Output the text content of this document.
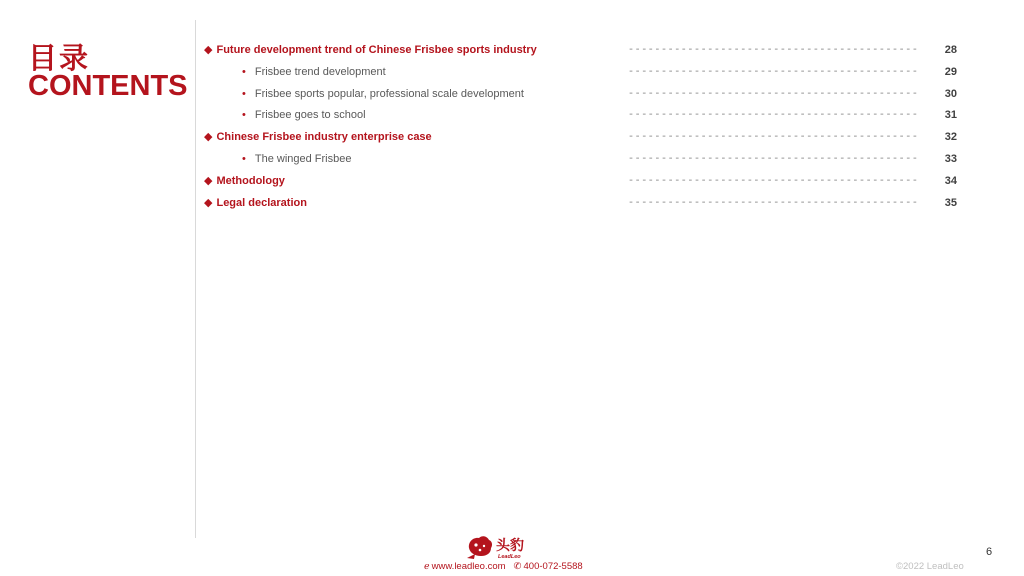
目录
CONTENTS
◆ Future development trend of Chinese Frisbee sports industry	-------------------------------------------- 28
• Frisbee trend development	-------------------------------------------- 29
• Frisbee sports popular, professional scale development	-------------------------------------------- 30
• Frisbee goes to school	-------------------------------------------- 31
◆ Chinese Frisbee industry enterprise case	-------------------------------------------- 32
• The winged Frisbee	-------------------------------------------- 33
◆ Methodology	-------------------------------------------- 34
◆ Legal declaration	-------------------------------------------- 35
头豹
LeadLeo
ℯ www.leadleo.com ✆ 400-072-5588
6
©2022 LeadLeo
